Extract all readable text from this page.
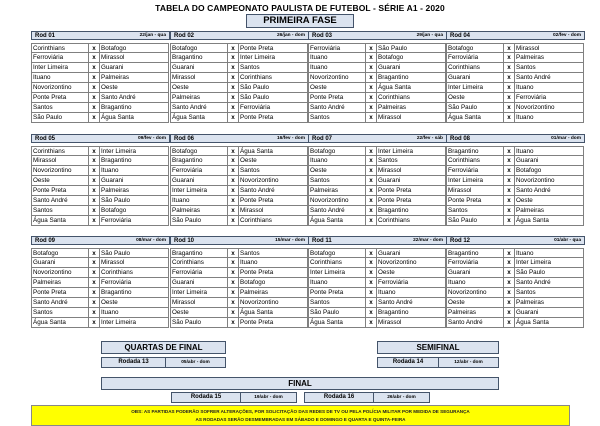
TABELA DO CAMPEONATO PAULISTA DE FUTEBOL - SÉRIE A1 - 2020
PRIMEIRA FASE
Rod 01	22/jan - qua
Corinthians	x Botafogo
Ferroviária	x Mirassol
Inter Limeira	x Guarani
Ituano	x Palmeiras
Novorizontino	x Oeste
Ponte Preta	x Santo André
Santos	x Bragantino
São Paulo	x Água Santa
Rod 02	26/jan - dom
Botafogo	x Ponte Preta
Bragantino	x Inter Limeira
Guarani	x Santos
Mirassol	x Corinthians
Oeste	x São Paulo
Palmeiras	x São Paulo
Santo André	x Ferroviária
Água Santa	x Ponte Preta
Rod 03	29/jan - qua
Ferroviária	x São Paulo
Ituano	x Botafogo
Ituano	x Guarani
Novorizontino	x Bragantino
Oeste	x Água Santa
Ponte Preta	x Corinthians
Santo André	x Palmeiras
Santos	x Mirassol
Rod 04	02/fev - dom
Botafogo	x Mirassol
Ferroviária	x Palmeiras
Corinthians	x Santos
Guarani	x Santo André
Inter Limeira	x Ituano
Oeste	x Ferroviária
São Paulo	x Novorizontino
Água Santa	x Ituano
Rod 05	09/fev - dom
Corinthians	x Inter Limeira
Mirassol	x Bragantino
Novorizontino	x Ituano
Oeste	x Guarani
Ponte Preta	x Palmeiras
Santo André	x São Paulo
Santos	x Botafogo
Água Santa	x Ferroviária
Rod 06	16/fev - dom
Botafogo	x Água Santa
Bragantino	x Oeste
Ferroviária	x Santos
Guarani	x Novorizontino
Inter Limeira	x Santo André
Ituano	x Ponte Preta
Palmeiras	x Mirassol
São Paulo	x Corinthians
Rod 07	22/fev - sáb
Botafogo	x Inter Limeira
Ituano	x Santos
Oeste	x Mirassol
Santos	x Guarani
Palmeiras	x Ponte Preta
Novorizontino	x Ponte Preta
Santo André	x Bragantino
Água Santa	x Corinthians
Rod 08	01/mar - dom
Bragantino	x Ituano
Corinthians	x Guarani
Ferroviária	x Botafogo
Inter Limeira	x Novorizontino
Mirassol	x Santo André
Ponte Preta	x Oeste
Santos	x Palmeiras
São Paulo	x Água Santa
Rod 09	08/mar - dom
Botafogo	x São Paulo
Guarani	x Mirassol
Novorizontino	x Corinthians
Palmeiras	x Ferroviária
Ponte Preta	x Bragantino
Santo André	x Oeste
Santos	x Ituano
Água Santa	x Inter Limeira
Rod 10	15/mar - dom
Bragantino	x Santos
Corinthians	x Ituano
Ferroviária	x Ponte Preta
Guarani	x Botafogo
Inter Limeira	x Palmeiras
Mirassol	x Novorizontino
Oeste	x Água Santa
São Paulo	x Ponte Preta
Rod 11	22/mar - dom
Botafogo	x Guarani
Corinthians	x Novorizontino
Inter Limeira	x Oeste
Ituano	x Ferroviária
Ponte Preta	x Ituano
Santos	x Santo André
São Paulo	x Bragantino
Água Santa	x Mirassol
Rod 12	01/abr - qua
Bragantino	x Ituano
Ferroviária	x Inter Limeira
Guarani	x São Paulo
Ituano	x Santo André
Novorizontino	x Santos
Oeste	x Palmeiras
Palmeiras	x Guarani
Santo André	x Água Santa
QUARTAS DE FINAL
Rodada 13	05/abr - dom
SEMIFINAL
Rodada 14	12/abr - dom
FINAL
Rodada 15	19/abr - dom	Rodada 16	26/abr - dom
OBS: AS PARTIDAS PODERÃO SOFRER ALTERAÇÕES, POR SOLICITAÇÃO DAS REDES DE TV OU PELA POLÍCIA MILITAR POR MEDIDA DE SEGURANÇA
AS RODADAS SERÃO DESMEMBRADAS EM SÁBADO E DOMINGO E QUARTA E QUINTA-FEIRA
